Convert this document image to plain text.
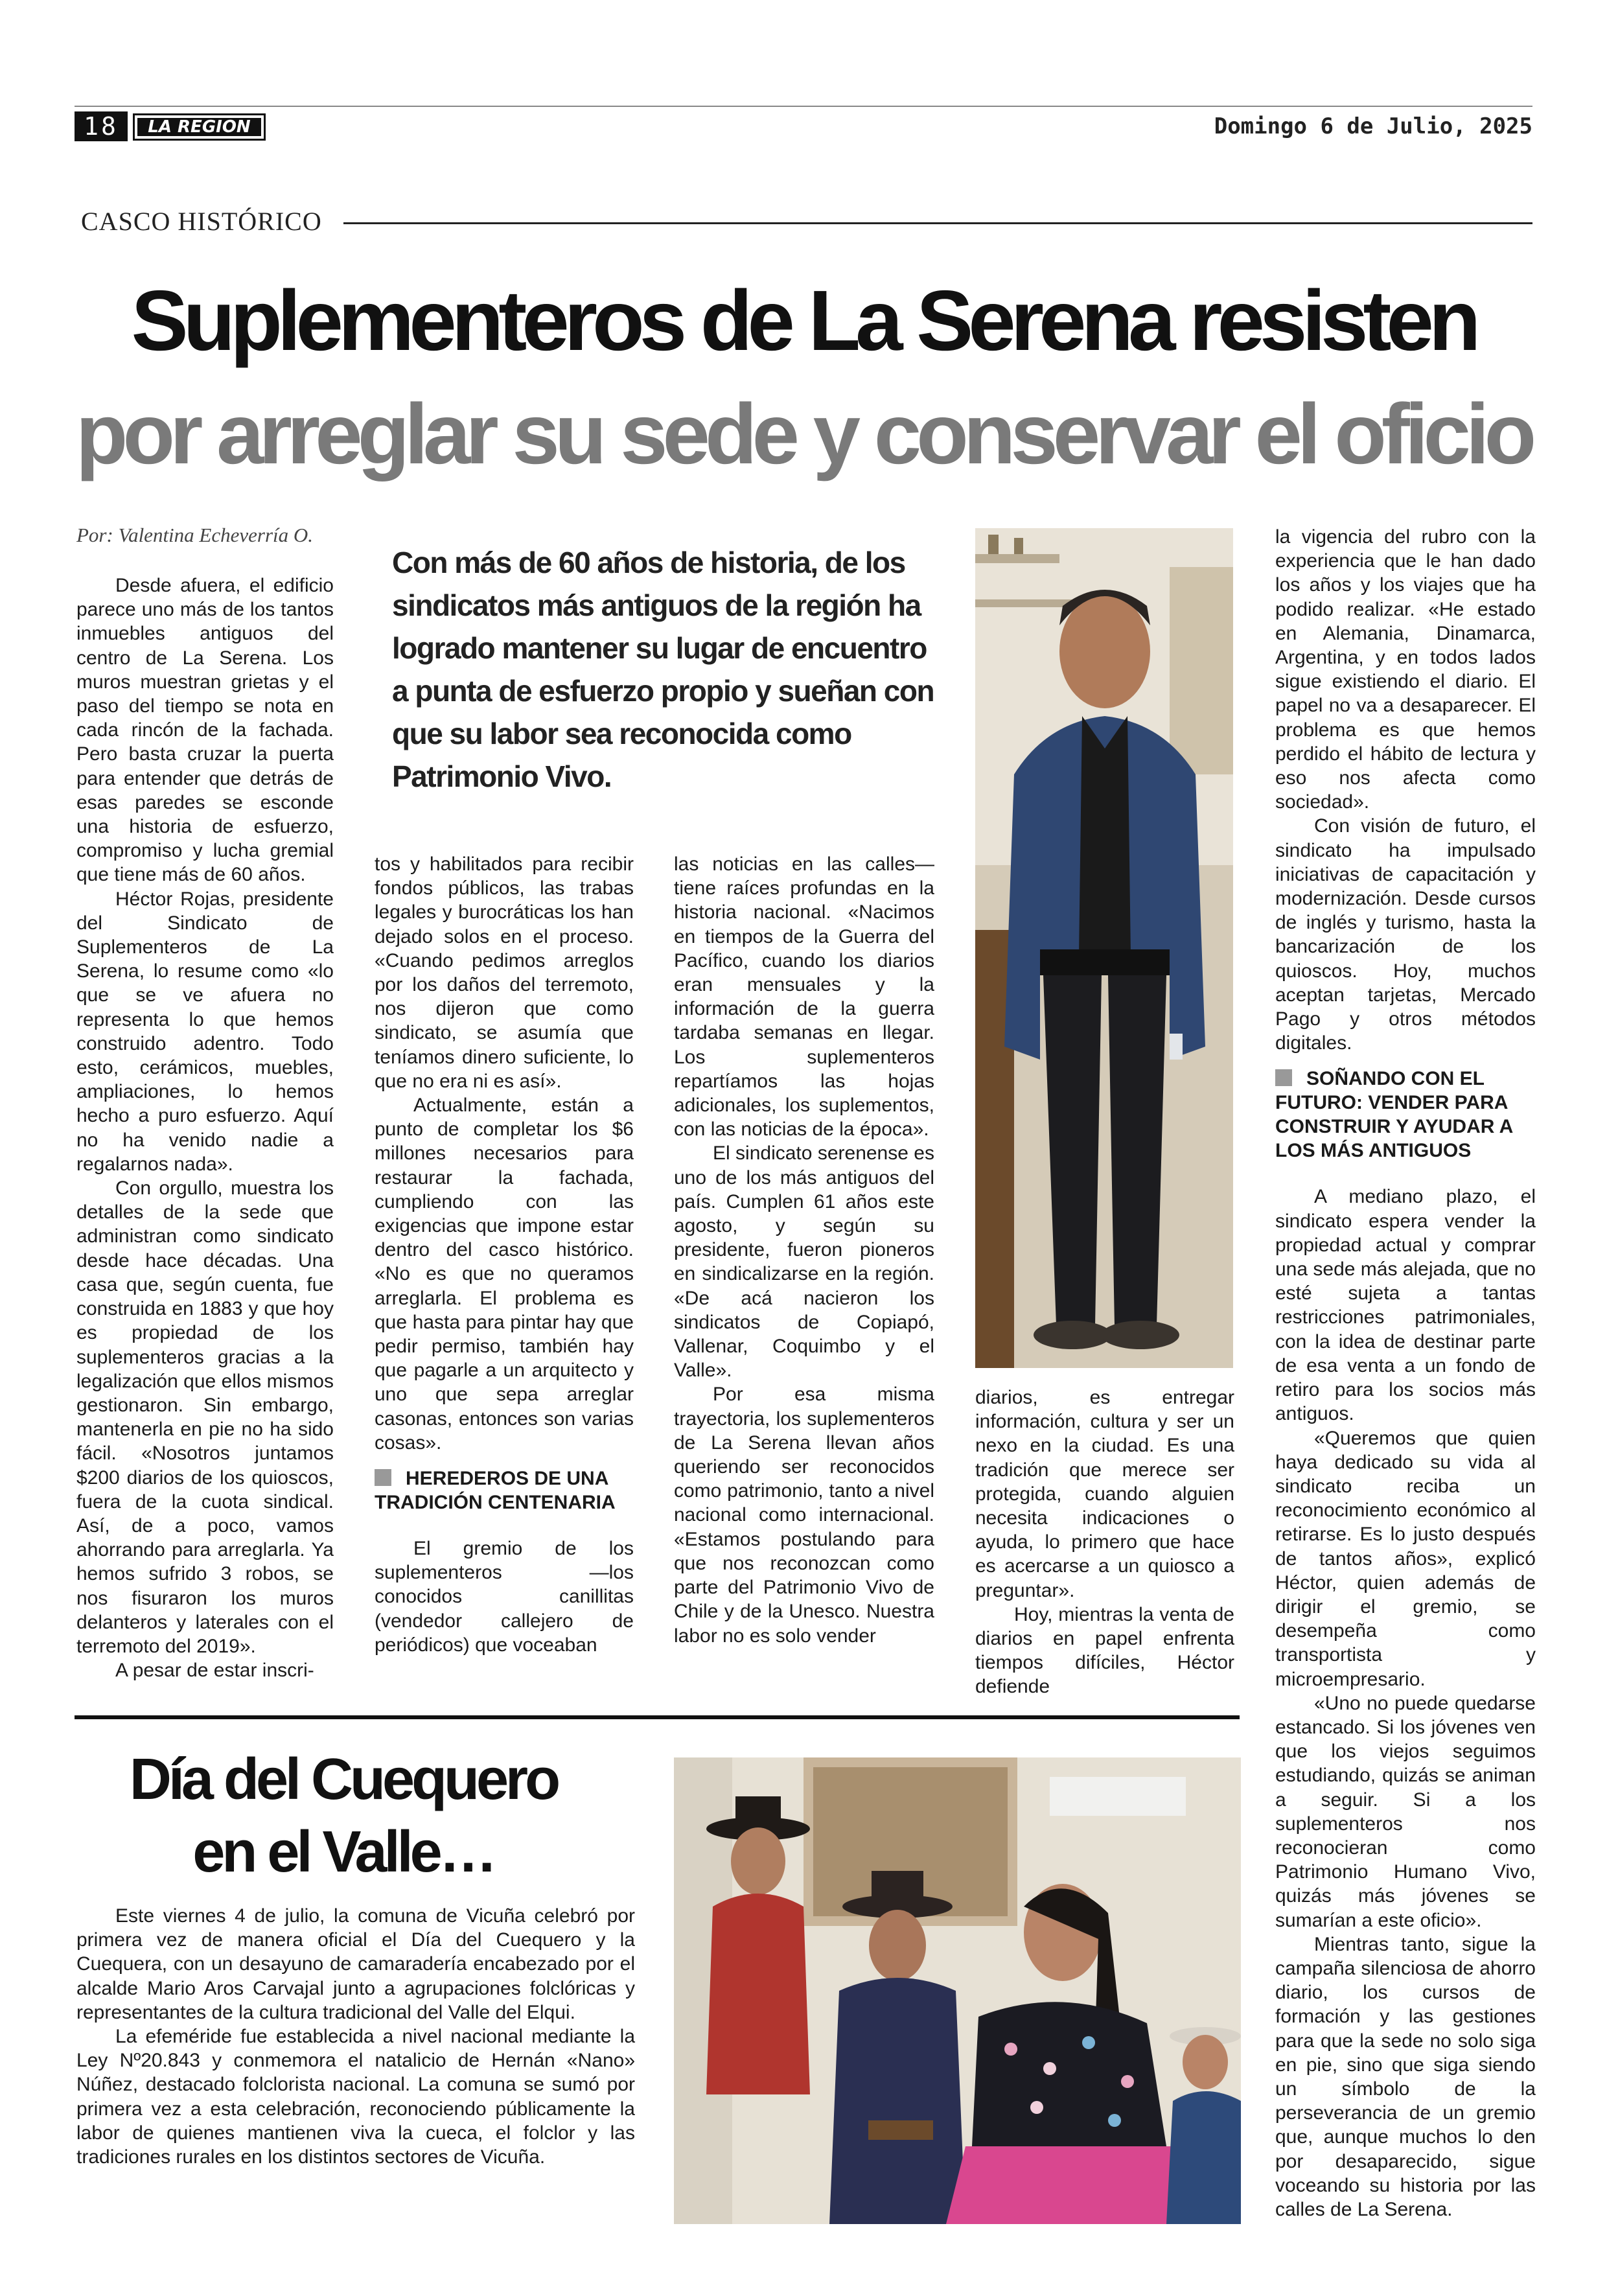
18	LA REGION	Domingo 6 de Julio, 2025
CASCO HISTÓRICO
Suplementeros de La Serena resisten
por arreglar su sede y conservar el oficio
Por: Valentina Echeverría O.

Desde afuera, el edificio parece uno más de los tantos inmuebles antiguos del centro de La Serena. Los muros muestran grietas y el paso del tiempo se nota en cada rincón de la fachada. Pero basta cruzar la puerta para entender que detrás de esas paredes se esconde una historia de esfuerzo, compromiso y lucha gremial que tiene más de 60 años.

Héctor Rojas, presidente del Sindicato de Suplementeros de La Serena, lo resume como «lo que se ve afuera no representa lo que hemos construido adentro. Todo esto, cerámicos, muebles, ampliaciones, lo hemos hecho a puro esfuerzo. Aquí no ha venido nadie a regalarnos nada».

Con orgullo, muestra los detalles de la sede que administran como sindicato desde hace décadas. Una casa que, según cuenta, fue construida en 1883 y que hoy es propiedad de los suplementeros gracias a la legalización que ellos mismos gestionaron. Sin embargo, mantenerla en pie no ha sido fácil. «Nosotros juntamos $200 diarios de los quioscos, fuera de la cuota sindical. Así, de a poco, vamos ahorrando para arreglarla. Ya hemos sufrido 3 robos, se nos fisuraron los muros delanteros y laterales con el terremoto del 2019».

A pesar de estar inscri-

Con más de 60 años de historia, de los sindicatos más antiguos de la región ha logrado mantener su lugar de encuentro a punta de esfuerzo propio y sueñan con que su labor sea reconocida como Patrimonio Vivo.

tos y habilitados para recibir fondos públicos, las trabas legales y burocráticas los han dejado solos en el proceso. «Cuando pedimos arreglos por los daños del terremoto, nos dijeron que como sindicato, se asumía que teníamos dinero suficiente, lo que no era ni es así».

Actualmente, están a punto de completar los $6 millones necesarios para restaurar la fachada, cumpliendo con las exigencias que impone estar dentro del casco histórico. «No es que no queramos arreglarla. El problema es que hasta para pintar hay que pedir permiso, también hay que pagarle a un arquitecto y uno que sepa arreglar casonas, entonces son varias cosas».

HEREDEROS DE UNA TRADICIÓN CENTENARIA

El gremio de los suplementeros —los conocidos canillitas (vendedor callejero de periódicos) que voceaban

las noticias en las calles— tiene raíces profundas en la historia nacional. «Nacimos en tiempos de la Guerra del Pacífico, cuando los diarios eran mensuales y la información de la guerra tardaba semanas en llegar. Los suplementeros repartíamos las hojas adicionales, los suplementos, con las noticias de la época».

El sindicato serenense es uno de los más antiguos del país. Cumplen 61 años este agosto, y según su presidente, fueron pioneros en sindicalizarse en la región. «De acá nacieron los sindicatos de Copiapó, Vallenar, Coquimbo y el Valle».

Por esa misma trayectoria, los suplementeros de La Serena llevan años queriendo ser reconocidos como patrimonio, tanto a nivel nacional como internacional. «Estamos postulando para que nos reconozcan como parte del Patrimonio Vivo de Chile y de la Unesco. Nuestra labor no es solo vender

diarios, es entregar información, cultura y ser un nexo en la ciudad. Es una tradición que merece ser protegida, cuando alguien necesita indicaciones o ayuda, lo primero que hace es acercarse a un quiosco a preguntar».

Hoy, mientras la venta de diarios en papel enfrenta tiempos difíciles, Héctor defiende

la vigencia del rubro con la experiencia que le han dado los años y los viajes que ha podido realizar. «He estado en Alemania, Dinamarca, Argentina, y en todos lados sigue existiendo el diario. El papel no va a desaparecer. El problema es que hemos perdido el hábito de lectura y eso nos afecta como sociedad».

Con visión de futuro, el sindicato ha impulsado iniciativas de capacitación y modernización. Desde cursos de inglés y turismo, hasta la bancarización de los quioscos. Hoy, muchos aceptan tarjetas, Mercado Pago y otros métodos digitales.

SOÑANDO CON EL FUTURO: VENDER PARA CONSTRUIR Y AYUDAR A LOS MÁS ANTIGUOS

A mediano plazo, el sindicato espera vender la propiedad actual y comprar una sede más alejada, que no esté sujeta a tantas restricciones patrimoniales, con la idea de destinar parte de esa venta a un fondo de retiro para los socios más antiguos.

«Queremos que quien haya dedicado su vida al sindicato reciba un reconocimiento económico al retirarse. Es lo justo después de tantos años», explicó Héctor, quien además de dirigir el gremio, se desempeña como transportista y microempresario.

«Uno no puede quedarse estancado. Si los jóvenes ven que los viejos seguimos estudiando, quizás se animan a seguir. Si a los suplementeros nos reconocieran como Patrimonio Humano Vivo, quizás más jóvenes se sumarían a este oficio».

Mientras tanto, sigue la campaña silenciosa de ahorro diario, los cursos de formación y las gestiones para que la sede no solo siga en pie, sino que siga siendo un símbolo de la perseverancia de un gremio que, aunque muchos lo den por desaparecido, sigue voceando su historia por las calles de La Serena.

Día del Cuequero
en el Valle…

Este viernes 4 de julio, la comuna de Vicuña celebró por primera vez de manera oficial el Día del Cuequero y la Cuequera, con un desayuno de camaradería encabezado por el alcalde Mario Aros Carvajal junto a agrupaciones folclóricas y representantes de la cultura tradicional del Valle del Elqui.

La efeméride fue establecida a nivel nacional mediante la Ley Nº20.843 y conmemora el natalicio de Hernán «Nano» Núñez, destacado folclorista nacional. La comuna se sumó por primera vez a esta celebración, reconociendo públicamente la labor de quienes mantienen viva la cueca, el folclor y las tradiciones rurales en los distintos sectores de Vicuña.
